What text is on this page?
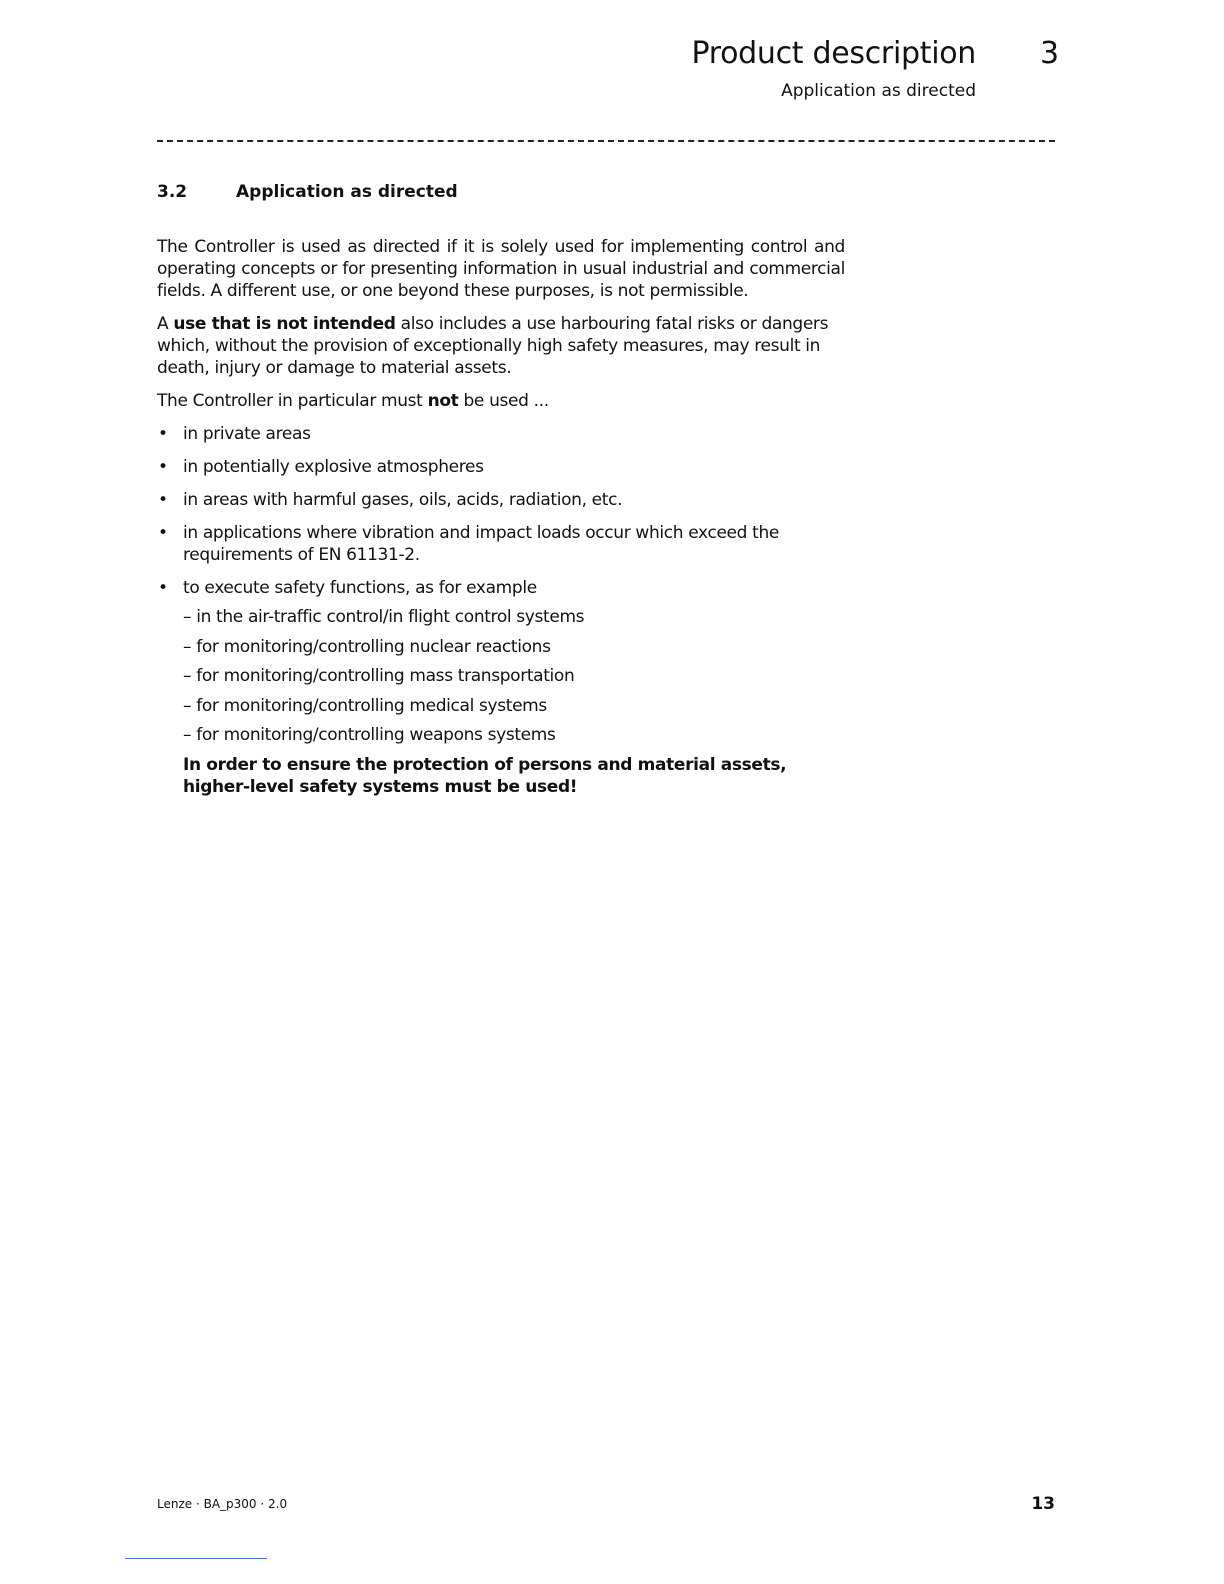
Product description 3
Application as directed
3.2	Application as directed

The Controller is used as directed if it is solely used for implementing control and operating concepts or for presenting information in usual industrial and commercial fields. A different use, or one beyond these purposes, is not permissible.

A use that is not intended also includes a use harbouring fatal risks or dangers which, without the provision of exceptionally high safety measures, may result in death, injury or damage to material assets.

The Controller in particular must not be used ...

• in private areas
• in potentially explosive atmospheres
• in areas with harmful gases, oils, acids, radiation, etc.
• in applications where vibration and impact loads occur which exceed the requirements of EN 61131-2.
• to execute safety functions, as for example
– in the air-traffic control/in flight control systems
– for monitoring/controlling nuclear reactions
– for monitoring/controlling mass transportation
– for monitoring/controlling medical systems
– for monitoring/controlling weapons systems
In order to ensure the protection of persons and material assets, higher-level safety systems must be used!
Lenze · BA_p300 · 2.0	13
